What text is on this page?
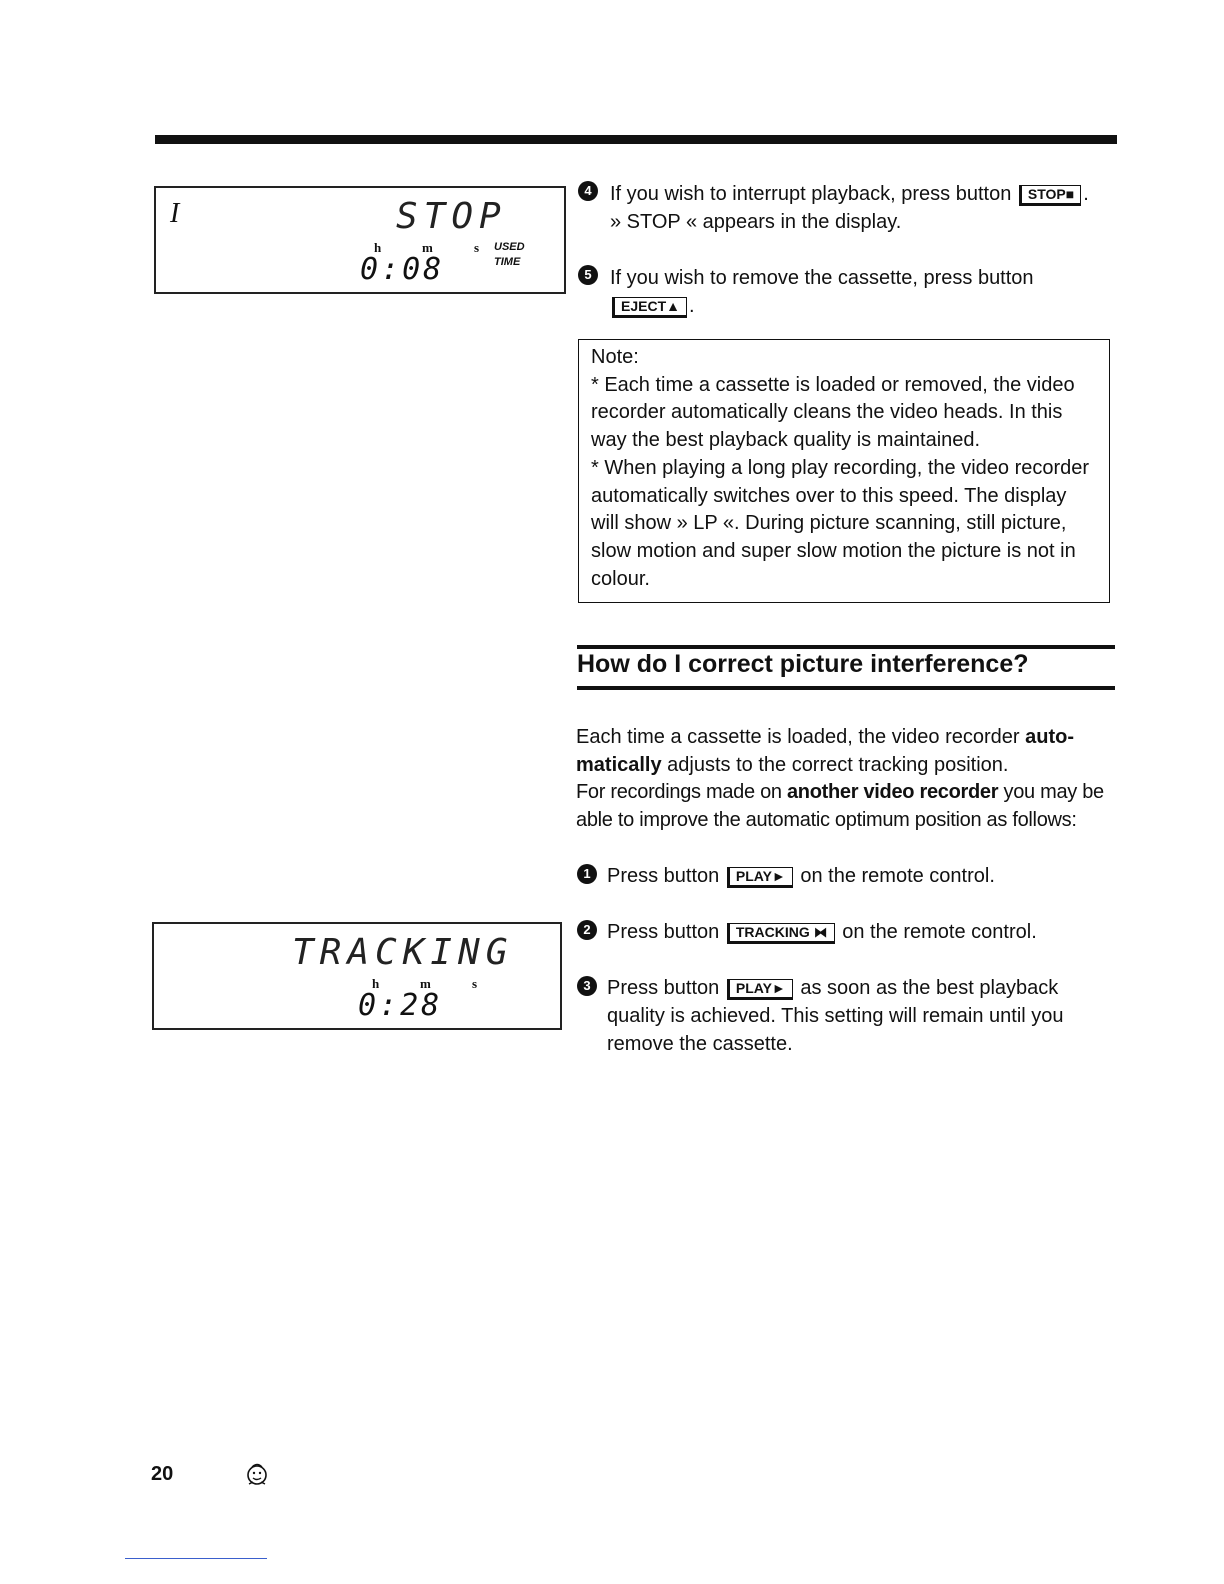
I	STOP
h	m	s USED TIME
0:08
4 If you wish to interrupt playback, press button STOP■ .
» STOP « appears in the display.
5 If you wish to remove the cassette, press button
EJECT▲ .

Note:

* Each time a cassette is loaded or removed, the video recorder automatically cleans the video heads. In this way the best playback quality is maintained.

* When playing a long play recording, the video recorder automatically switches over to this speed. The display will show » LP «. During picture scanning, still picture, slow motion and super slow motion the picture is not in colour.

How do I correct picture interference?

Each time a cassette is loaded, the video recorder auto-matically adjusts to the correct tracking position.

For recordings made on another video recorder you may be able to improve the automatic optimum position as follows:

1 Press button PLAY► on the remote control.
2 Press button TRACKING ⧓ on the remote control.
3 Press button PLAY► as soon as the best playback quality is achieved. This setting will remain until you remove the cassette.
TRACKING
h	m	s
0:28
20
